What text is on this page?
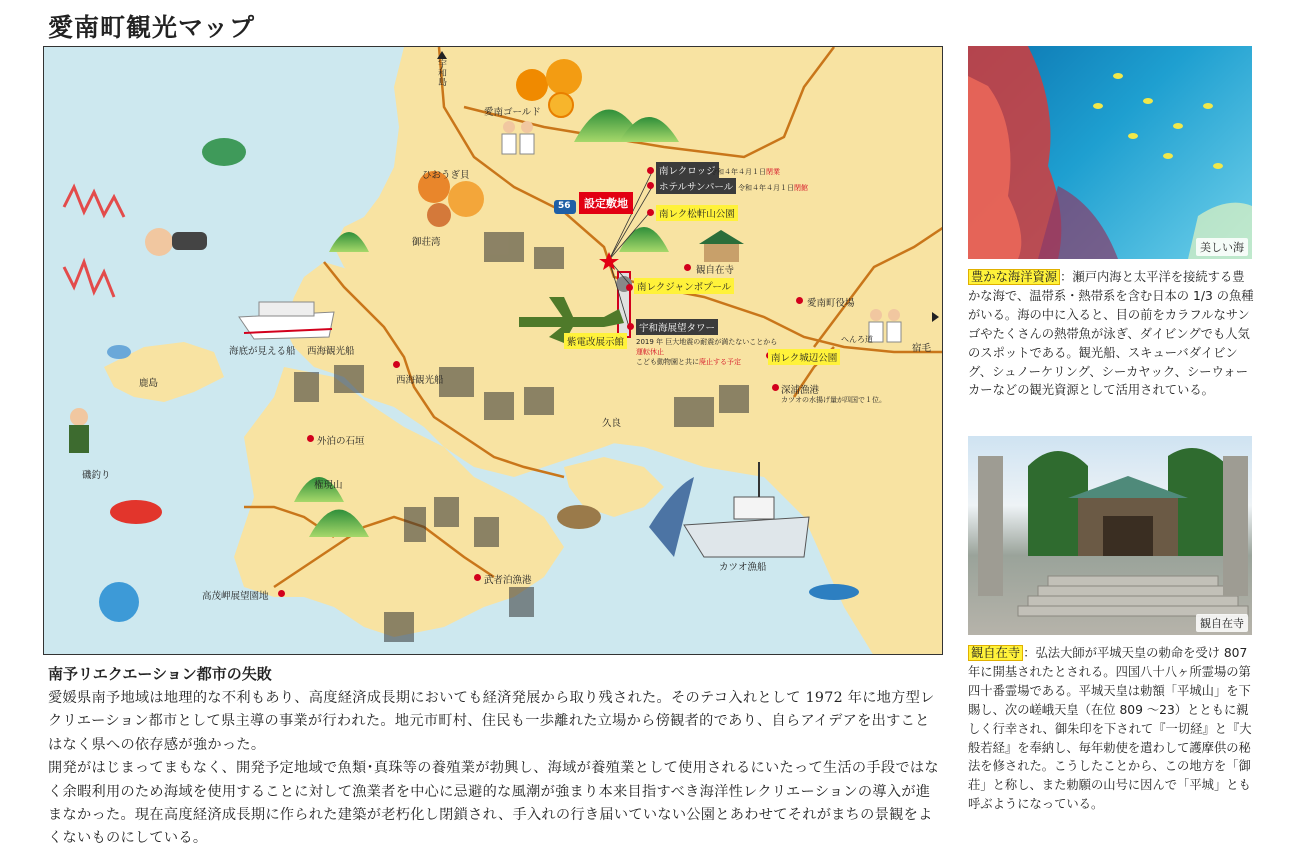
愛南町観光マップ
宇和島
宿毛
愛南ゴールド
ひおうぎ貝
御荘湾
観自在寺
愛南町役場
へんろ道
深浦漁港
カツオの水揚げ量が四国で１位。
海底が見える船 西海観光船
西海観光船
鹿島
磯釣り
外泊の石垣
権現山
久良
カツオ漁船
武者泊漁港
高茂岬展望園地
56	設定敷地
南レクロッジ
令和４年４月１日閉業
ホテルサンパール 令和４年４月１日閉館
南レク松軒山公園
南レクジャンボプール
宇和海展望タワー
2019 年 巨大地震の耐震が満たないことから
運転休止
こども動物園と共に廃止する予定
紫電改展示館
南レク城辺公園
南予リエクエーション都市の失敗

愛媛県南予地域は地理的な不利もあり、高度経済成長期においても経済発展から取り残された。そのテコ入れとして 1972 年に地方型レクリエーション都市として県主導の事業が行われた。地元市町村、住民も一歩離れた立場から傍観者的であり、自らアイデアを出すことはなく県への依存感が強かった。

開発がはじまってまもなく、開発予定地域で魚類･真珠等の養殖業が勃興し、海域が養殖業として使用されるにいたって生活の手段ではなく余暇利用のため海域を使用することに対して漁業者を中心に忌避的な風潮が強まり本来目指すべき海洋性レクリエーションの導入が進まなかった。現在高度経済成長期に作られた建築が老朽化し閉鎖され、手入れの行き届いていない公園とあわせてそれがまちの景観をよくないものにしている。

美しい海
豊かな海洋資源 ：瀬戸内海と太平洋を接続する豊かな海で、温帯系・熱帯系を含む日本の 1/3 の魚種がいる。海の中に入ると、目の前をカラフルなサンゴやたくさんの熱帯魚が泳ぎ、ダイビングでも人気のスポットである。観光船、スキューバダイビング、シュノーケリング、シーカヤック、シーウォーカーなどの観光資源として活用されている。
観自在寺
観自在寺 ：弘法大師が平城天皇の勅命を受け 807 年に開基されたとされる。四国八十八ヶ所霊場の第四十番霊場である。平城天皇は勅額「平城山」を下賜し、次の嵯峨天皇（在位 809 ～23）とともに親しく行幸され、御朱印を下されて『一切経』と『大般若経』を奉納し、毎年勅使を遣わして護摩供の秘法を修された。こうしたことから、この地方を「御荘」と称し、また勅願の山号に因んで「平城」とも呼ぶようになっている。
